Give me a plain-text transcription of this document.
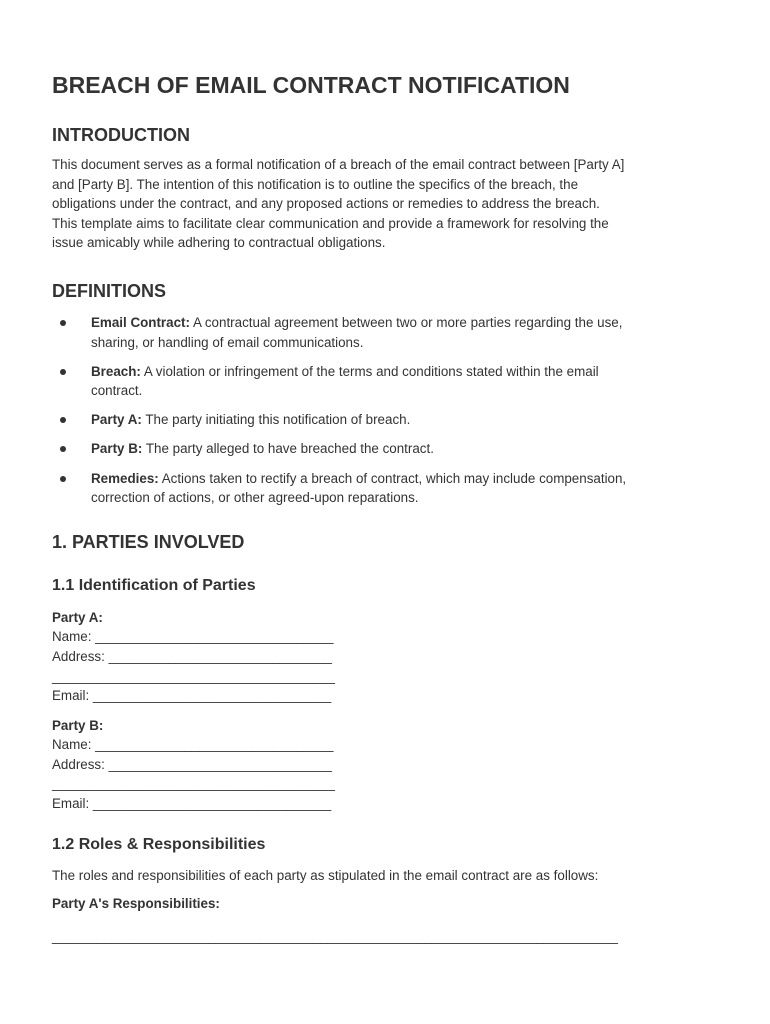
BREACH OF EMAIL CONTRACT NOTIFICATION
INTRODUCTION

This document serves as a formal notification of a breach of the email contract between [Party A]

and [Party B]. The intention of this notification is to outline the specifics of the breach, the

obligations under the contract, and any proposed actions or remedies to address the breach.

This template aims to facilitate clear communication and provide a framework for resolving the

issue amicably while adhering to contractual obligations.

DEFINITIONS
Email Contract: A contractual agreement between two or more parties regarding the use,
sharing, or handling of email communications.
Breach: A violation or infringement of the terms and conditions stated within the email
contract.
Party A: The party initiating this notification of breach.
Party B: The party alleged to have breached the contract.
Remedies: Actions taken to rectify a breach of contract, which may include compensation,
correction of actions, or other agreed-upon reparations.
1. PARTIES INVOLVED
1.1 Identification of Parties
Party A:
Name: ________________________________
Address: ______________________________
______________________________________
Email: ________________________________
Party B:
Name: ________________________________
Address: ______________________________
______________________________________
Email: ________________________________
1.2 Roles & Responsibilities

The roles and responsibilities of each party as stipulated in the email contract are as follows:

Party A's Responsibilities:
____________________________________________________________________________
